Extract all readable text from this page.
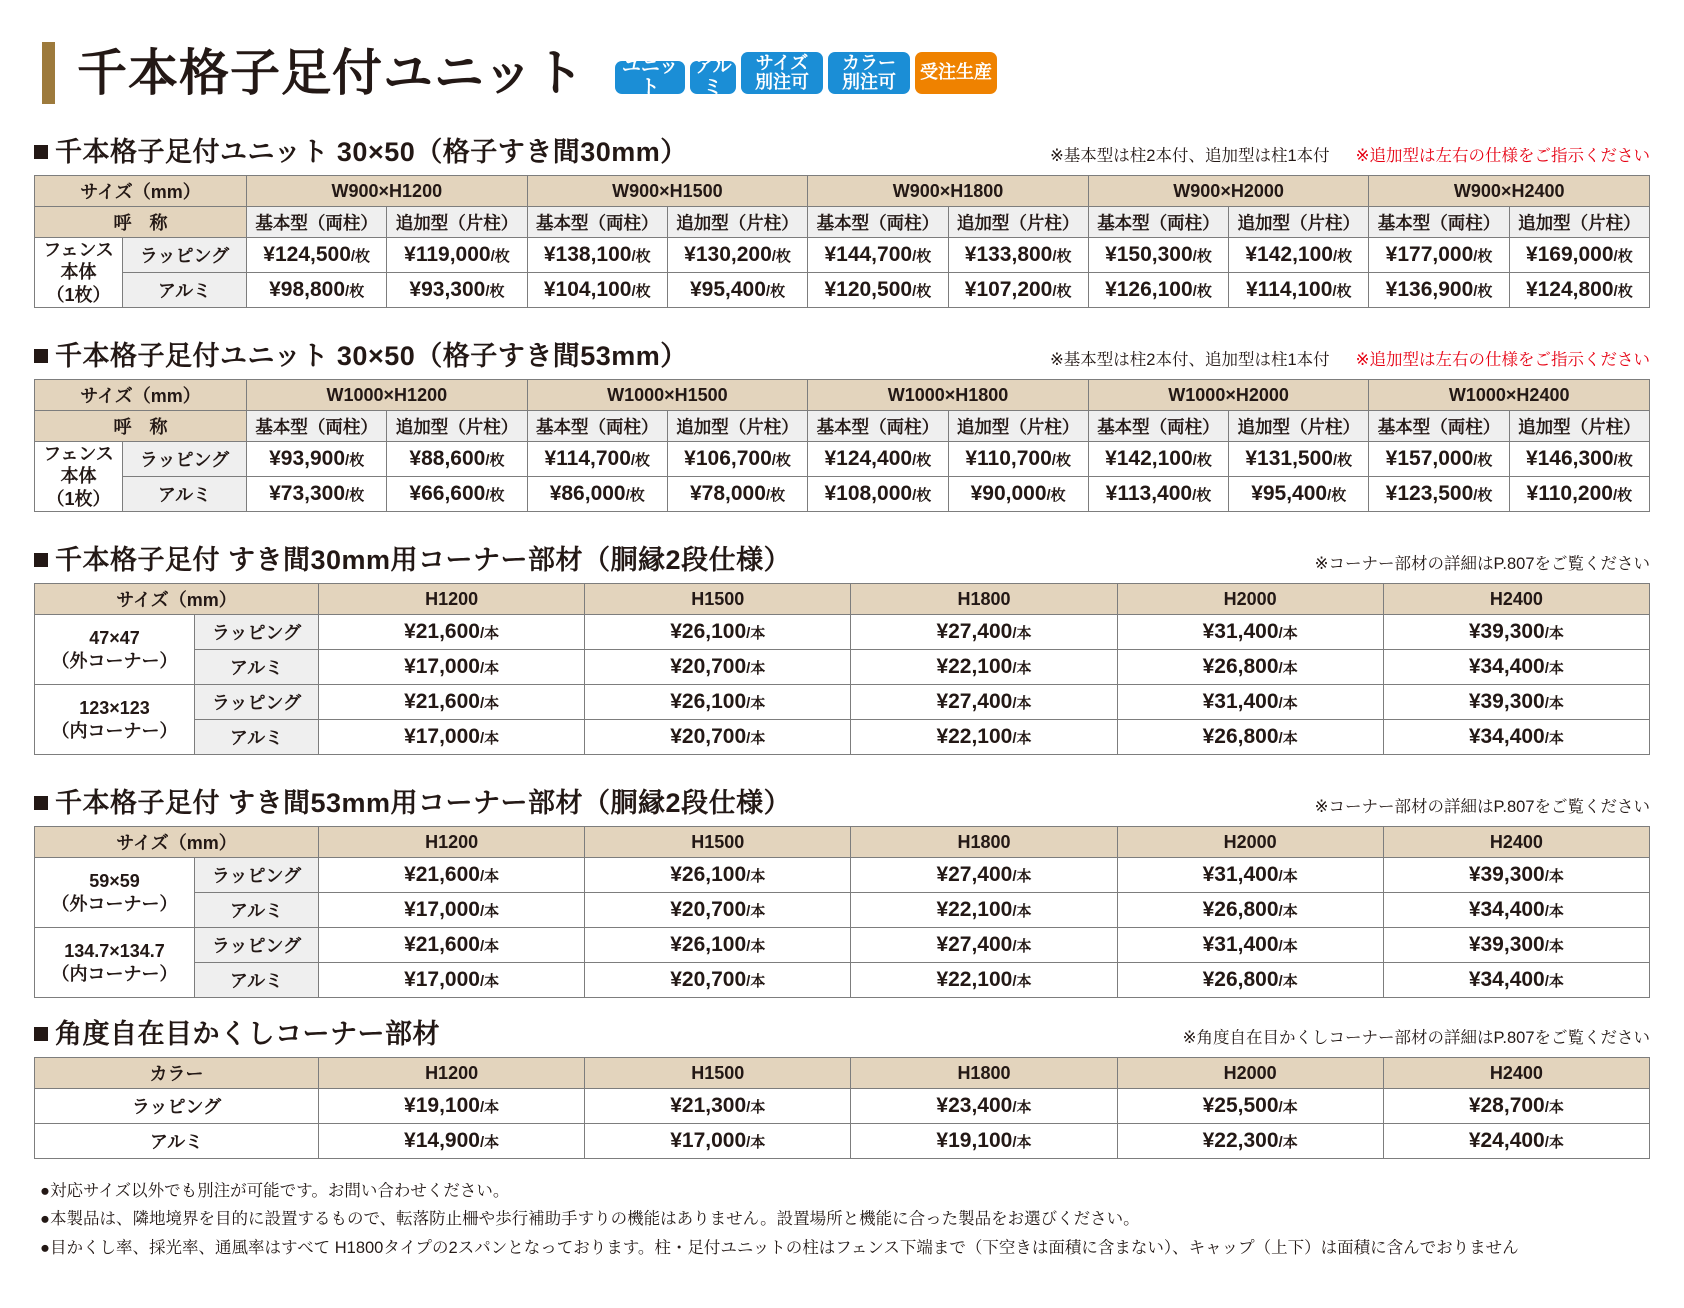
千本格子足付ユニット	ユニット
アルミ
サイズ
別注可
カラー
別注可 受注生産
千本格子足付ユニット 30×50（格子すき間30mm）	※基本型は柱2本付、追加型は柱1本付 ※追加型は左右の仕様をご指示ください
サイズ（mm）		W900×H1200		W900×H1500		W900×H1800		W900×H2000		W900×H2400	
呼　称		基本型（両柱）	追加型（片柱）	基本型（両柱）	追加型（片柱）	基本型（両柱）	追加型（片柱）	基本型（両柱）	追加型（片柱）	基本型（両柱）	追加型（片柱）

フェンス
本体
（1枚）	ラッピング	¥124,500/枚	¥119,000/枚	¥138,100/枚	¥130,200/枚	¥144,700/枚	¥133,800/枚	¥150,300/枚	¥142,100/枚	¥177,000/枚	¥169,000/枚
	アルミ	¥98,800/枚	¥93,300/枚	¥104,100/枚	¥95,400/枚	¥120,500/枚	¥107,200/枚	¥126,100/枚	¥114,100/枚	¥136,900/枚	¥124,800/枚
千本格子足付ユニット 30×50（格子すき間53mm）	※基本型は柱2本付、追加型は柱1本付 ※追加型は左右の仕様をご指示ください
サイズ（mm）		W1000×H1200		W1000×H1500		W1000×H1800		W1000×H2000		W1000×H2400	
呼　称		基本型（両柱）	追加型（片柱）	基本型（両柱）	追加型（片柱）	基本型（両柱）	追加型（片柱）	基本型（両柱）	追加型（片柱）	基本型（両柱）	追加型（片柱）

フェンス
本体
（1枚）	ラッピング	¥93,900/枚	¥88,600/枚	¥114,700/枚	¥106,700/枚	¥124,400/枚	¥110,700/枚	¥142,100/枚	¥131,500/枚	¥157,000/枚	¥146,300/枚
	アルミ	¥73,300/枚	¥66,600/枚	¥86,000/枚	¥78,000/枚	¥108,000/枚	¥90,000/枚	¥113,400/枚	¥95,400/枚	¥123,500/枚	¥110,200/枚
千本格子足付 すき間30mm用コーナー部材（胴縁2段仕様）	※コーナー部材の詳細はP.807をご覧ください
サイズ（mm）		H1200	H1500	H1800	H2000	H2400

47×47
（外コーナー）	ラッピング	¥21,600/本	¥26,100/本	¥27,400/本	¥31,400/本	¥39,300/本
	アルミ	¥17,000/本	¥20,700/本	¥22,100/本	¥26,800/本	¥34,400/本

123×123
（内コーナー）	ラッピング	¥21,600/本	¥26,100/本	¥27,400/本	¥31,400/本	¥39,300/本
	アルミ	¥17,000/本	¥20,700/本	¥22,100/本	¥26,800/本	¥34,400/本
千本格子足付 すき間53mm用コーナー部材（胴縁2段仕様）	※コーナー部材の詳細はP.807をご覧ください
サイズ（mm）		H1200	H1500	H1800	H2000	H2400

59×59
（外コーナー）	ラッピング	¥21,600/本	¥26,100/本	¥27,400/本	¥31,400/本	¥39,300/本
	アルミ	¥17,000/本	¥20,700/本	¥22,100/本	¥26,800/本	¥34,400/本

134.7×134.7
（内コーナー）	ラッピング	¥21,600/本	¥26,100/本	¥27,400/本	¥31,400/本	¥39,300/本
	アルミ	¥17,000/本	¥20,700/本	¥22,100/本	¥26,800/本	¥34,400/本
角度自在目かくしコーナー部材	※角度自在目かくしコーナー部材の詳細はP.807をご覧ください
カラー	H1200	H1500	H1800	H2000	H2400
ラッピング	¥19,100/本	¥21,300/本	¥23,400/本	¥25,500/本	¥28,700/本
アルミ	¥14,900/本	¥17,000/本	¥19,100/本	¥22,300/本	¥24,400/本
●対応サイズ以外でも別注が可能です。お問い合わせください。
●本製品は、隣地境界を目的に設置するもので、転落防止柵や歩行補助手すりの機能はありません。設置場所と機能に合った製品をお選びください。
●目かくし率、採光率、通風率はすべて H1800タイプの2スパンとなっております。柱・足付ユニットの柱はフェンス下端まで（下空きは面積に含まない）、キャップ（上下）は面積に含んでおりません
